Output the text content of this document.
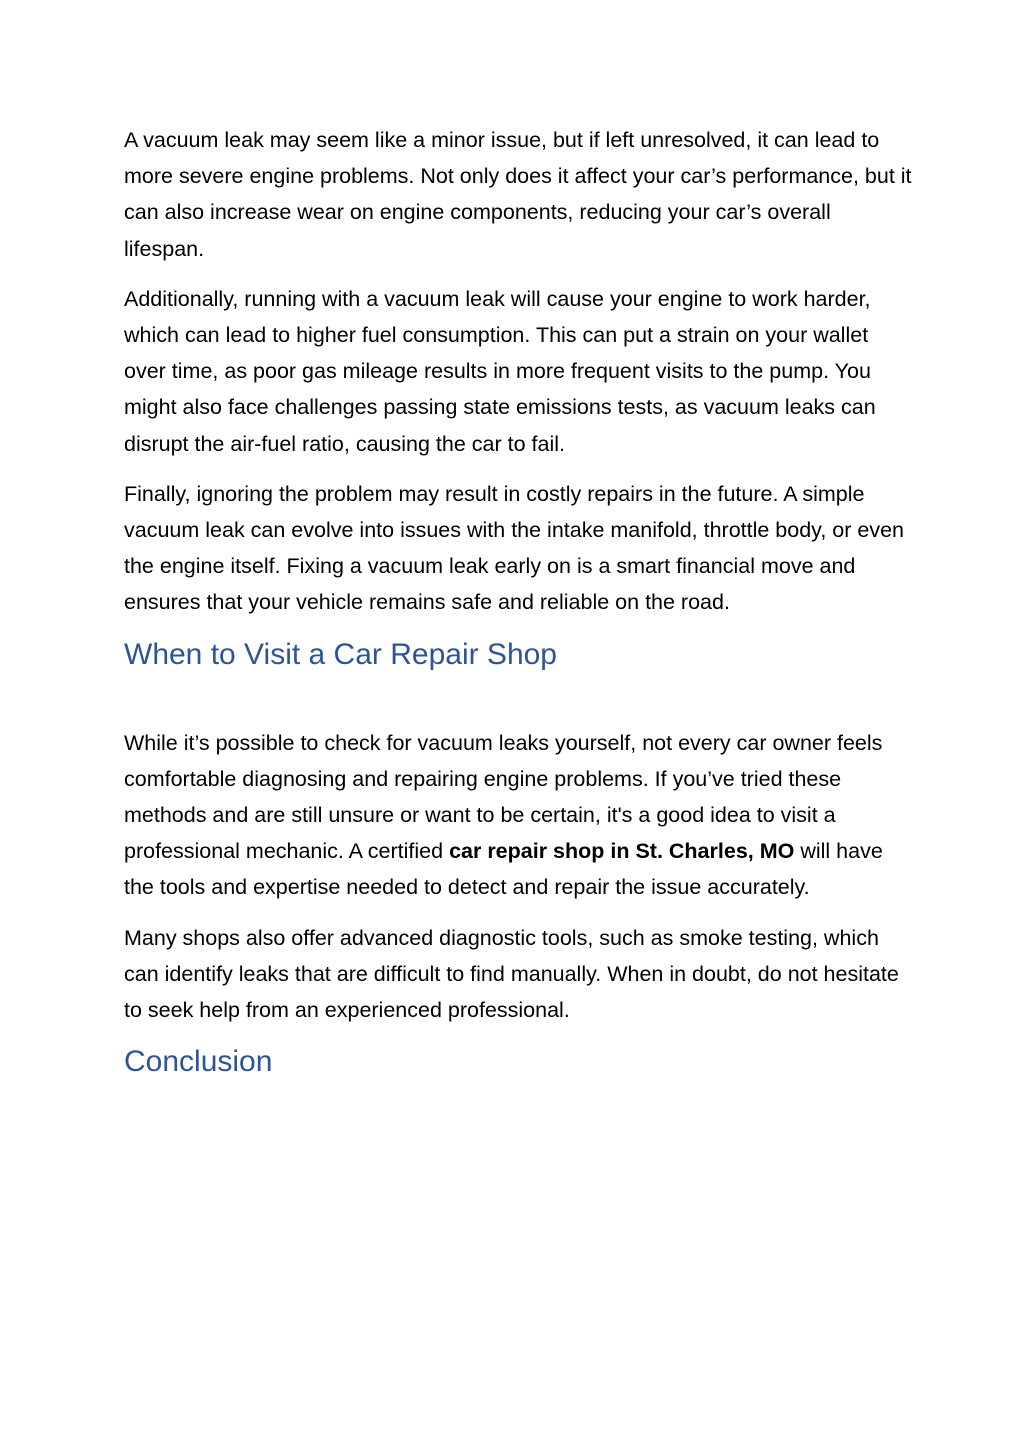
A vacuum leak may seem like a minor issue, but if left unresolved, it can lead to more severe engine problems. Not only does it affect your car’s performance, but it can also increase wear on engine components, reducing your car’s overall lifespan.

Additionally, running with a vacuum leak will cause your engine to work harder, which can lead to higher fuel consumption. This can put a strain on your wallet over time, as poor gas mileage results in more frequent visits to the pump. You might also face challenges passing state emissions tests, as vacuum leaks can disrupt the air-fuel ratio, causing the car to fail.

Finally, ignoring the problem may result in costly repairs in the future. A simple vacuum leak can evolve into issues with the intake manifold, throttle body, or even the engine itself. Fixing a vacuum leak early on is a smart financial move and ensures that your vehicle remains safe and reliable on the road.

When to Visit a Car Repair Shop

While it’s possible to check for vacuum leaks yourself, not every car owner feels comfortable diagnosing and repairing engine problems. If you’ve tried these methods and are still unsure or want to be certain, it's a good idea to visit a professional mechanic. A certified car repair shop in St. Charles, MO will have the tools and expertise needed to detect and repair the issue accurately.

Many shops also offer advanced diagnostic tools, such as smoke testing, which can identify leaks that are difficult to find manually. When in doubt, do not hesitate to seek help from an experienced professional.

Conclusion
